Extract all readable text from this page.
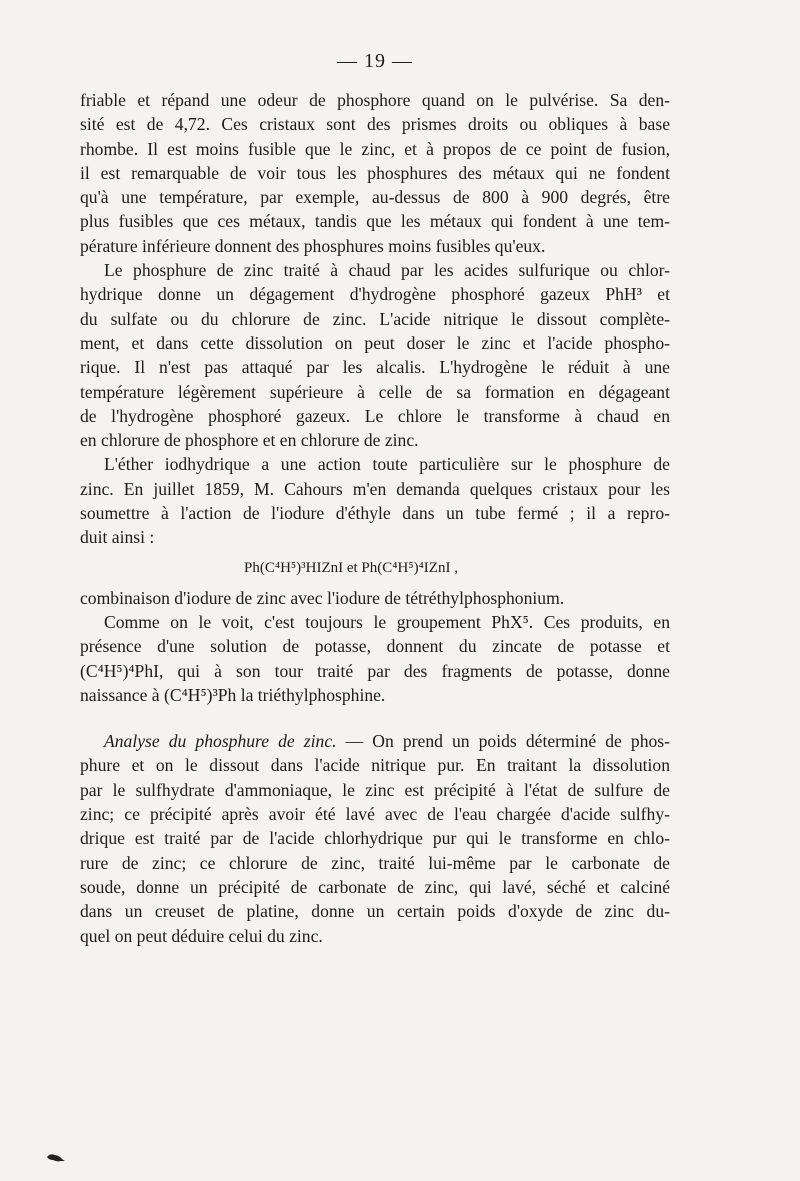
— 19 —
friable et répand une odeur de phosphore quand on le pulvérise. Sa den-
sité est de 4,72. Ces cristaux sont des prismes droits ou obliques à base
rhombe. Il est moins fusible que le zinc, et à propos de ce point de fusion,
il est remarquable de voir tous les phosphures des métaux qui ne fondent
qu'à une température, par exemple, au-dessus de 800 à 900 degrés, être
plus fusibles que ces métaux, tandis que les métaux qui fondent à une tem-
pérature inférieure donnent des phosphures moins fusibles qu'eux.
Le phosphure de zinc traité à chaud par les acides sulfurique ou chlor-
hydrique donne un dégagement d'hydrogène phosphoré gazeux PhH³ et
du sulfate ou du chlorure de zinc. L'acide nitrique le dissout complète-
ment, et dans cette dissolution on peut doser le zinc et l'acide phospho-
rique. Il n'est pas attaqué par les alcalis. L'hydrogène le réduit à une
température légèrement supérieure à celle de sa formation en dégageant
de l'hydrogène phosphoré gazeux. Le chlore le transforme à chaud en
en chlorure de phosphore et en chlorure de zinc.
L'éther iodhydrique a une action toute particulière sur le phosphure de
zinc. En juillet 1859, M. Cahours m'en demanda quelques cristaux pour les
soumettre à l'action de l'iodure d'éthyle dans un tube fermé ; il a repro-
duit ainsi :
Ph(C⁴H⁵)³HIZnI et Ph(C⁴H⁵)⁴IZnI ,
combinaison d'iodure de zinc avec l'iodure de tétréthylphosphonium.
Comme on le voit, c'est toujours le groupement PhX⁵. Ces produits, en
présence d'une solution de potasse, donnent du zincate de potasse et
(C⁴H⁵)⁴PhI, qui à son tour traité par des fragments de potasse, donne
naissance à (C⁴H⁵)³Ph la triéthylphosphine.
Analyse du phosphure de zinc. — On prend un poids déterminé de phos-
phure et on le dissout dans l'acide nitrique pur. En traitant la dissolution
par le sulfhydrate d'ammoniaque, le zinc est précipité à l'état de sulfure de
zinc; ce précipité après avoir été lavé avec de l'eau chargée d'acide sulfhy-
drique est traité par de l'acide chlorhydrique pur qui le transforme en chlo-
rure de zinc; ce chlorure de zinc, traité lui-même par le carbonate de
soude, donne un précipité de carbonate de zinc, qui lavé, séché et calciné
dans un creuset de platine, donne un certain poids d'oxyde de zinc du-
quel on peut déduire celui du zinc.
